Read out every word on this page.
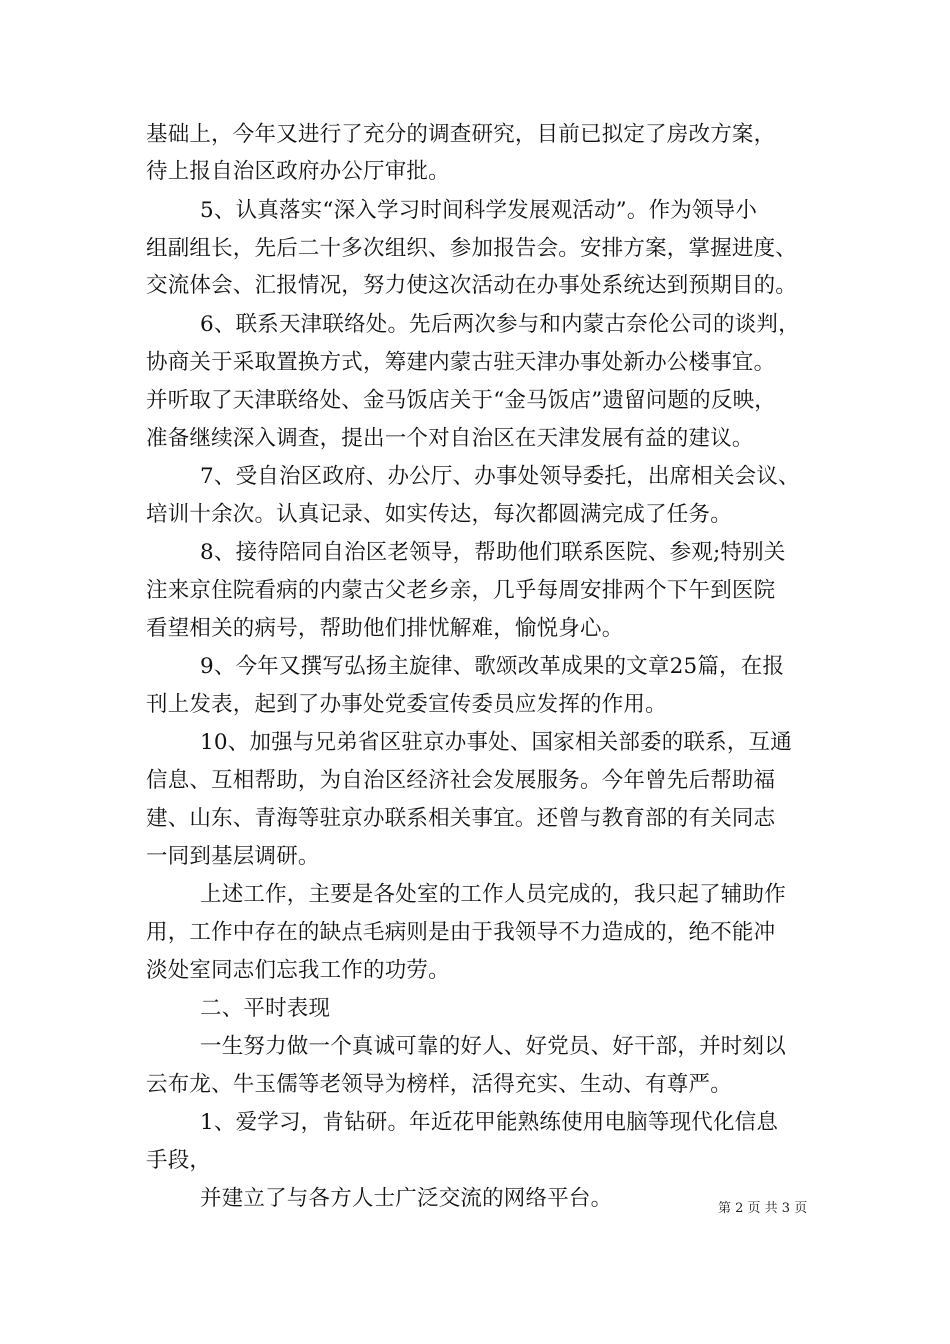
基础上，今年又进行了充分的调查研究，目前已拟定了房改方案，
待上报自治区政府办公厅审批。
5、认真落实“深入学习时间科学发展观活动”。作为领导小
组副组长，先后二十多次组织、参加报告会。安排方案，掌握进度、
交流体会、汇报情况，努力使这次活动在办事处系统达到预期目的。
6、联系天津联络处。先后两次参与和内蒙古奈伦公司的谈判，
协商关于采取置换方式，筹建内蒙古驻天津办事处新办公楼事宜。
并听取了天津联络处、金马饭店关于“金马饭店”遗留问题的反映，
准备继续深入调查，提出一个对自治区在天津发展有益的建议。
7、受自治区政府、办公厅、办事处领导委托，出席相关会议、
培训十余次。认真记录、如实传达，每次都圆满完成了任务。
8、接待陪同自治区老领导，帮助他们联系医院、参观;特别关
注来京住院看病的内蒙古父老乡亲，几乎每周安排两个下午到医院
看望相关的病号，帮助他们排忧解难，愉悦身心。
9、今年又撰写弘扬主旋律、歌颂改革成果的文章25篇，在报
刊上发表，起到了办事处党委宣传委员应发挥的作用。
10、加强与兄弟省区驻京办事处、国家相关部委的联系，互通
信息、互相帮助，为自治区经济社会发展服务。今年曾先后帮助福
建、山东、青海等驻京办联系相关事宜。还曾与教育部的有关同志
一同到基层调研。
上述工作，主要是各处室的工作人员完成的，我只起了辅助作
用，工作中存在的缺点毛病则是由于我领导不力造成的，绝不能冲
淡处室同志们忘我工作的功劳。
二、平时表现
一生努力做一个真诚可靠的好人、好党员、好干部，并时刻以
云布龙、牛玉儒等老领导为榜样，活得充实、生动、有尊严。
1、爱学习，肯钻研。年近花甲能熟练使用电脑等现代化信息
手段，
并建立了与各方人士广泛交流的网络平台。	第 2 页 共 3 页
